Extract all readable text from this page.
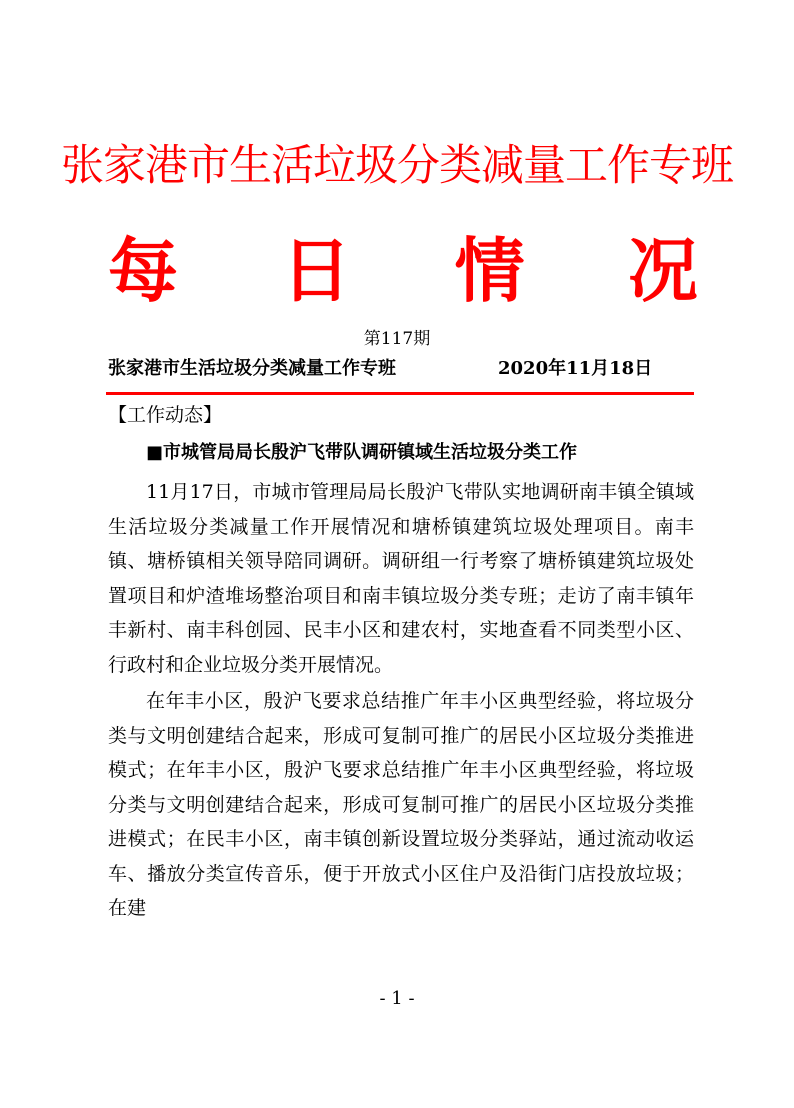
张家港市生活垃圾分类减量工作专班
每 日 情 况
第117期
张家港市生活垃圾分类减量工作专班	2020年11月18日
【工作动态】
■市城管局局长殷沪飞带队调研镇域生活垃圾分类工作

11月17日，市城市管理局局长殷沪飞带队实地调研南丰镇全镇域生活垃圾分类减量工作开展情况和塘桥镇建筑垃圾处理项目。南丰镇、塘桥镇相关领导陪同调研。调研组一行考察了塘桥镇建筑垃圾处置项目和炉渣堆场整治项目和南丰镇垃圾分类专班；走访了南丰镇年丰新村、南丰科创园、民丰小区和建农村，实地查看不同类型小区、行政村和企业垃圾分类开展情况。

在年丰小区，殷沪飞要求总结推广年丰小区典型经验，将垃圾分类与文明创建结合起来，形成可复制可推广的居民小区垃圾分类推进模式；在年丰小区，殷沪飞要求总结推广年丰小区典型经验，将垃圾分类与文明创建结合起来，形成可复制可推广的居民小区垃圾分类推进模式；在民丰小区，南丰镇创新设置垃圾分类驿站，通过流动收运车、播放分类宣传音乐，便于开放式小区住户及沿街门店投放垃圾；在建

- 1 -
